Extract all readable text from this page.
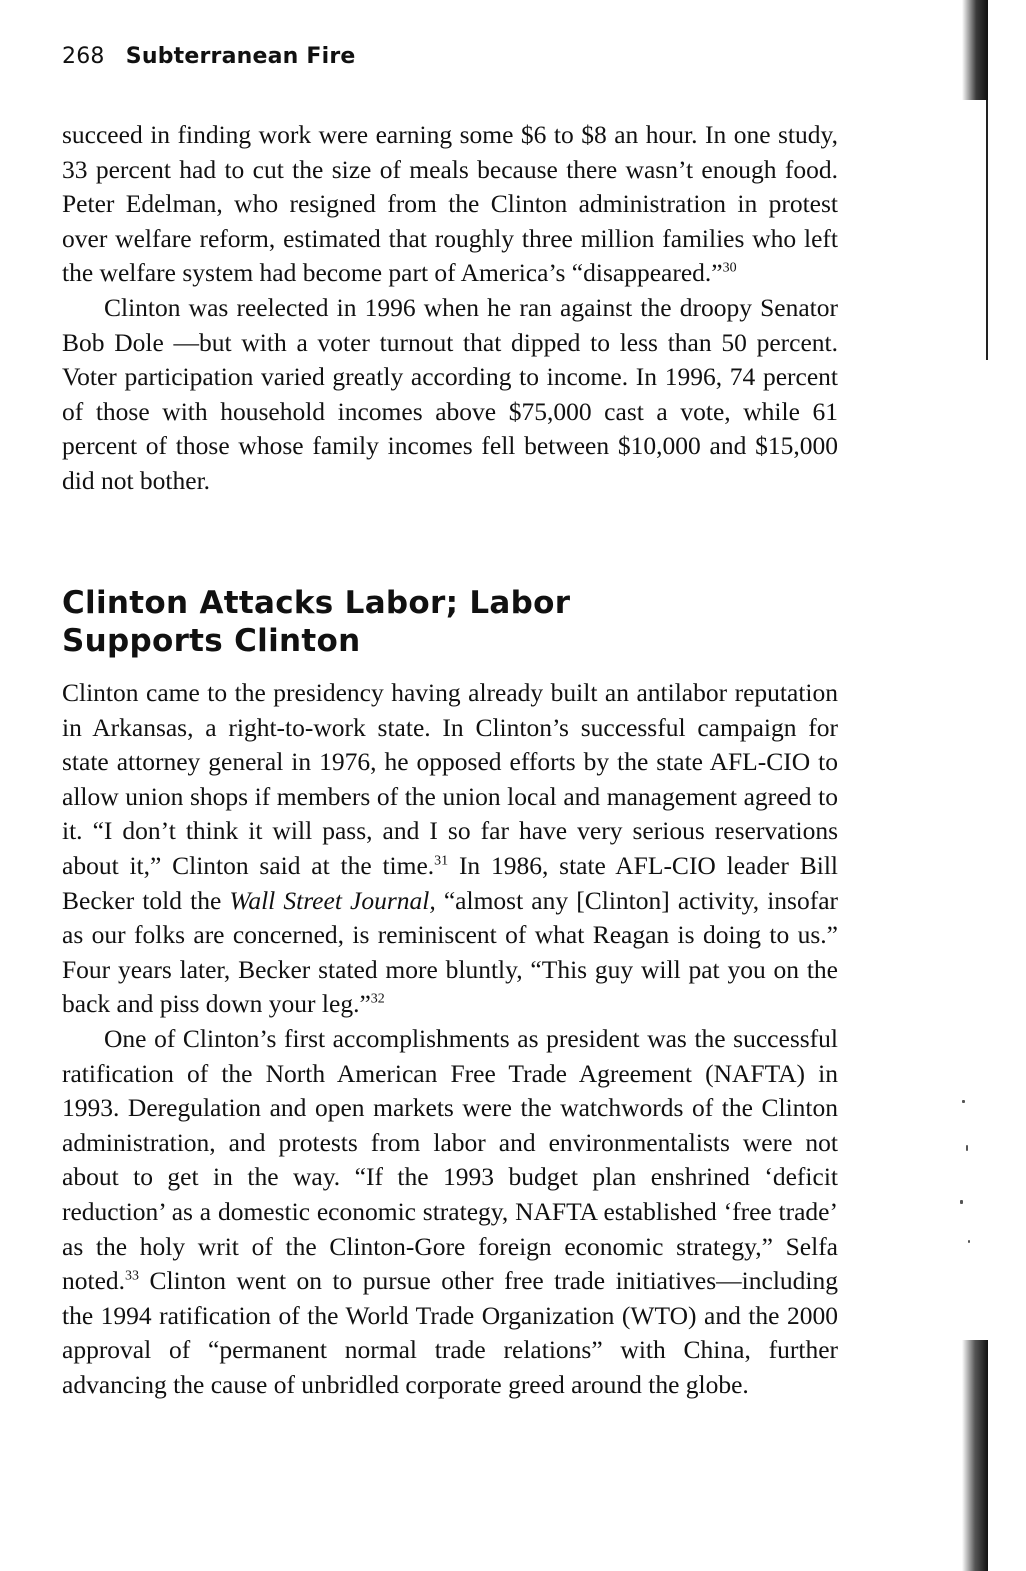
268 Subterranean Fire

succeed in finding work were earning some $6 to $8 an hour. In one study, 33 percent had to cut the size of meals because there wasn’t enough food. Peter Edelman, who resigned from the Clinton administration in protest over welfare reform, estimated that roughly three million families who left the welfare system had become part of America’s “disappeared.”$^{30}$

Clinton was reelected in 1996 when he ran against the droopy Senator Bob Dole —but with a voter turnout that dipped to less than 50 percent. Voter participation varied greatly according to income. In 1996, 74 percent of those with household incomes above $75,000 cast a vote, while 61 percent of those whose family incomes fell between $10,000 and $15,000 did not bother.

Clinton Attacks Labor; Labor
Supports Clinton

Clinton came to the presidency having already built an antilabor reputation in Arkansas, a right-to-work state. In Clinton’s successful campaign for state attorney general in 1976, he opposed efforts by the state AFL-CIO to allow union shops if members of the union local and management agreed to it. “I don’t think it will pass, and I so far have very serious reservations about it,” Clinton said at the time.$^{31}$ In 1986, state AFL-CIO leader Bill Becker told the Wall Street Journal, “almost any [Clinton] activity, insofar as our folks are concerned, is reminiscent of what Reagan is doing to us.” Four years later, Becker stated more bluntly, “This guy will pat you on the back and piss down your leg.”$^{32}$

One of Clinton’s first accomplishments as president was the successful ratification of the North American Free Trade Agreement (NAFTA) in 1993. Deregulation and open markets were the watchwords of the Clinton administration, and protests from labor and environmentalists were not about to get in the way. “If the 1993 budget plan enshrined ‘deficit reduction’ as a domestic economic strategy, NAFTA established ‘free trade’ as the holy writ of the Clinton-Gore foreign economic strategy,” Selfa noted.$^{33}$ Clinton went on to pursue other free trade initiatives—including the 1994 ratification of the World Trade Organization (WTO) and the 2000 approval of “permanent normal trade relations” with China, further advancing the cause of unbridled corporate greed around the globe.
